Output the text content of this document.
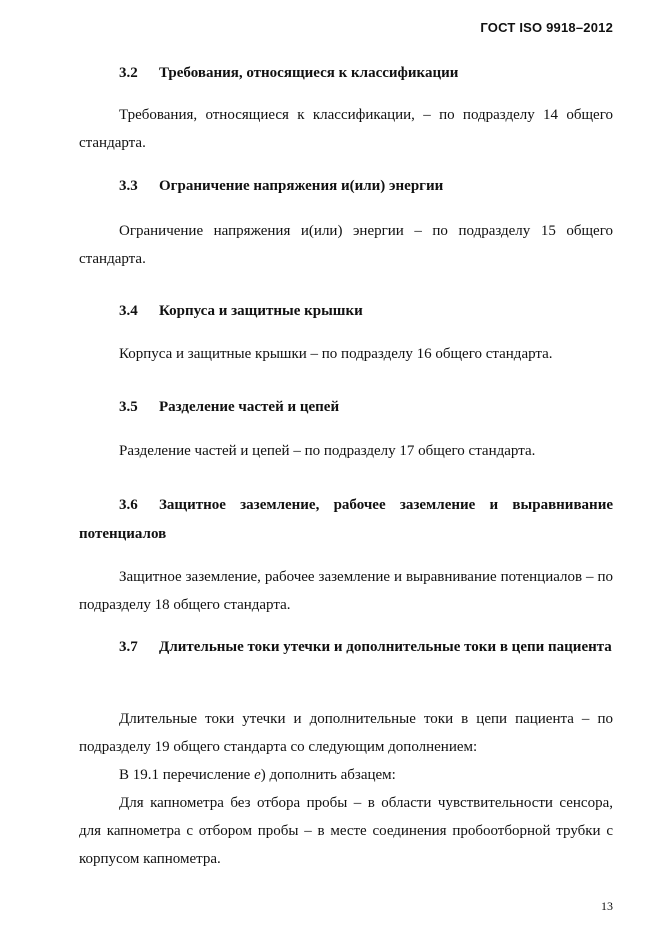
ГОСТ ISO 9918–2012
3.2 Требования, относящиеся к классификации
Требования, относящиеся к классификации, – по подразделу 14 общего стандарта.
3.3 Ограничение напряжения и(или) энергии
Ограничение напряжения и(или) энергии – по подразделу 15 общего стандарта.
3.4 Корпуса и защитные крышки
Корпуса и защитные крышки – по подразделу 16 общего стандарта.
3.5 Разделение частей и цепей
Разделение частей и цепей – по подразделу 17 общего стандарта.
3.6 Защитное заземление, рабочее заземление и выравнивание потенциалов
Защитное заземление, рабочее заземление и выравнивание потенциалов – по подразделу 18 общего стандарта.
3.7 Длительные токи утечки и дополнительные токи в цепи пациента
Длительные токи утечки и дополнительные токи в цепи пациента – по подразделу 19 общего стандарта со следующим дополнением:
В 19.1 перечисление е) дополнить абзацем:
Для капнометра без отбора пробы – в области чувствительности сенсора, для капнометра с отбором пробы – в месте соединения пробоотборной трубки с корпусом капнометра.
13
